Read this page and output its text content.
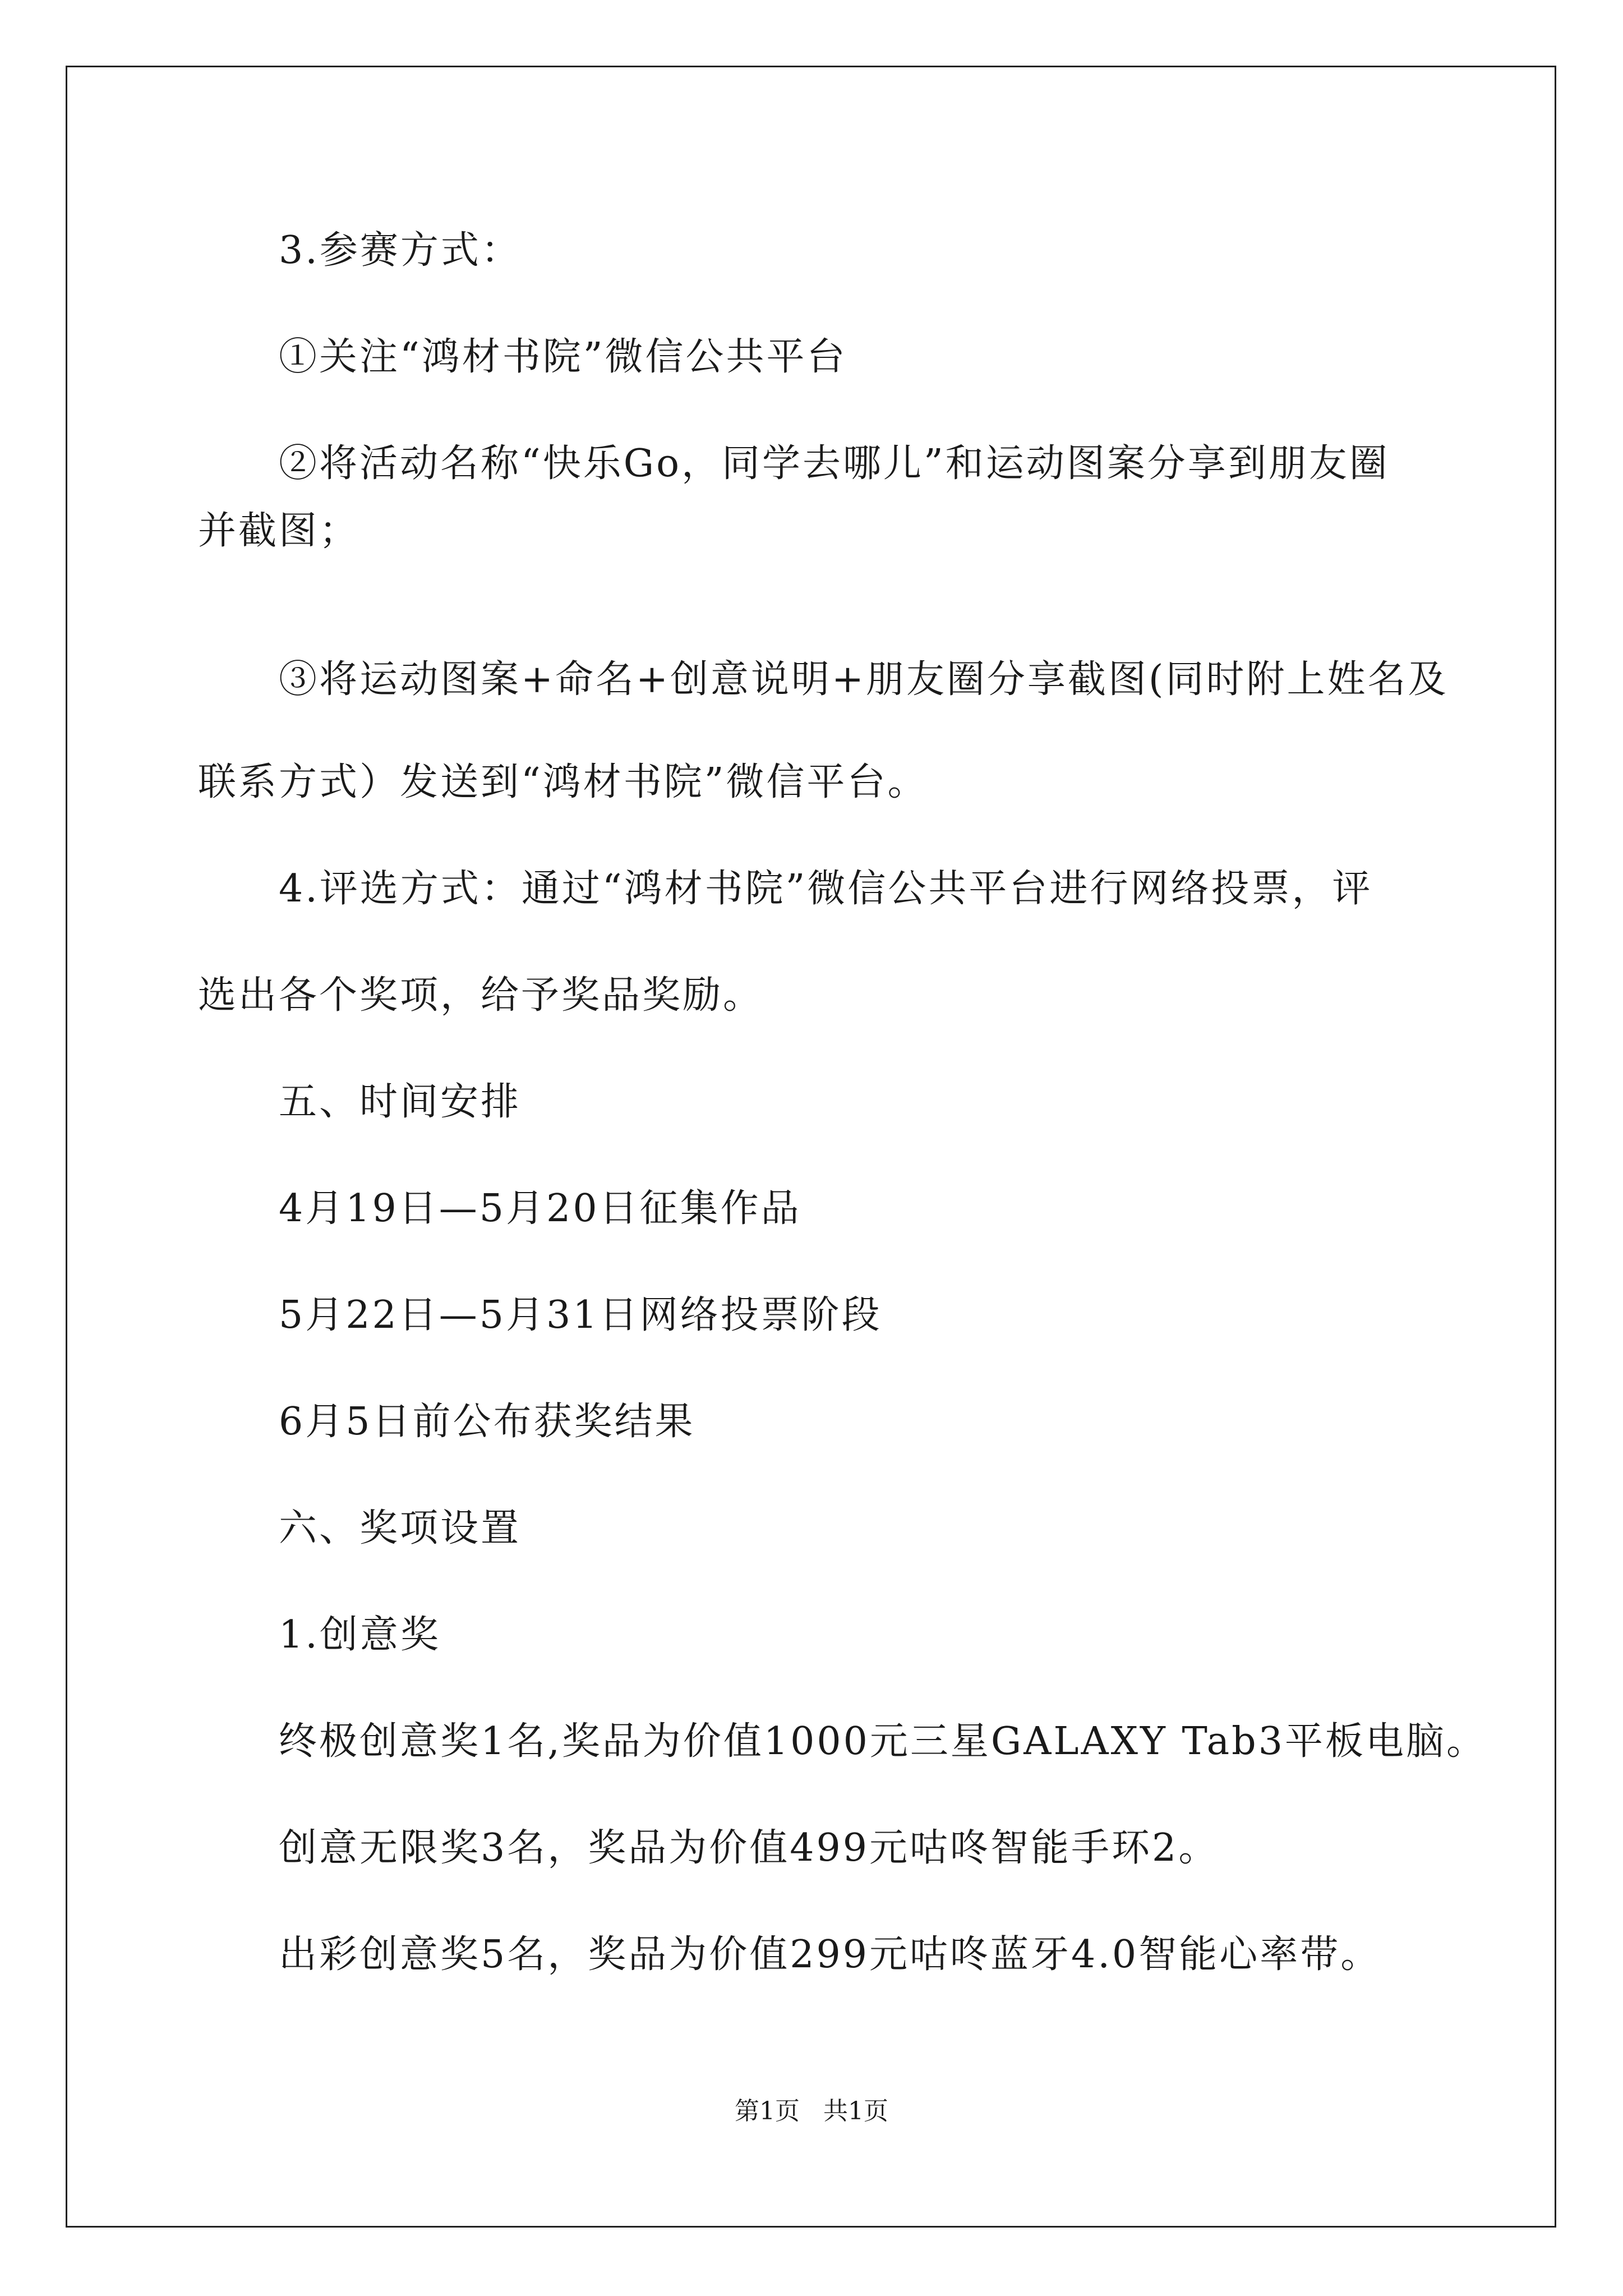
3.参赛方式：
①关注“鸿材书院”微信公共平台
②将活动名称“快乐Go，同学去哪儿”和运动图案分享到朋友圈
并截图；
③将运动图案+命名+创意说明+朋友圈分享截图(同时附上姓名及
联系方式）发送到“鸿材书院”微信平台。
4.评选方式：通过“鸿材书院”微信公共平台进行网络投票，评
选出各个奖项，给予奖品奖励。
五、时间安排
4月19日—5月20日征集作品
5月22日—5月31日网络投票阶段
6月5日前公布获奖结果
六、奖项设置
1.创意奖
终极创意奖1名,奖品为价值1000元三星GALAXY Tab3平板电脑。
创意无限奖3名，奖品为价值499元咕咚智能手环2。
出彩创意奖5名，奖品为价值299元咕咚蓝牙4.0智能心率带。
第1页   共1页
